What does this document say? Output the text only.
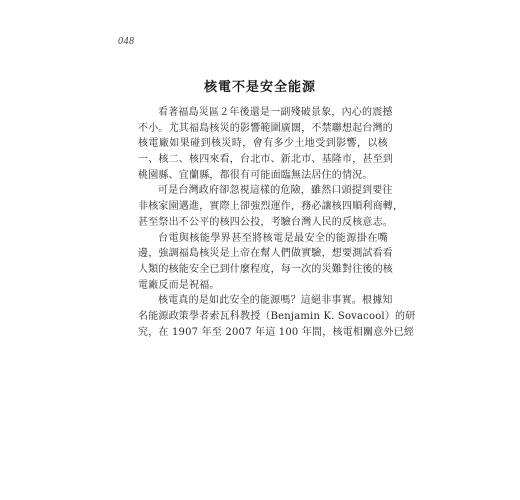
048
核電不是安全能源
看著福島災區２年後還是一副殘破景象，內心的震撼
不小。尤其福島核災的影響範圍廣闊，不禁聯想起台灣的
核電廠如果碰到核災時，會有多少土地受到影響，以核
一、核二、核四來看，台北市、新北市、基隆市，甚至到
桃園縣、宜蘭縣，都很有可能面臨無法居住的情況。
可是台灣政府卻忽視這樣的危險，雖然口頭提到要往
非核家園邁進，實際上卻強烈運作，務必讓核四順利商轉，
甚至祭出不公平的核四公投，考驗台灣人民的反核意志。
台電與核能學界甚至將核電是最安全的能源掛在嘴
邊，強調福島核災是上帝在幫人們做實驗，想要測試看看
人類的核能安全已到什麼程度，每一次的災難對往後的核
電廠反而是祝福。
核電真的是如此安全的能源嗎？這絕非事實。根據知
名能源政策學者索瓦科教授（Benjamin K. Sovacool）的研
究，在 1907 年至 2007 年這 100 年間，核電相關意外已經
